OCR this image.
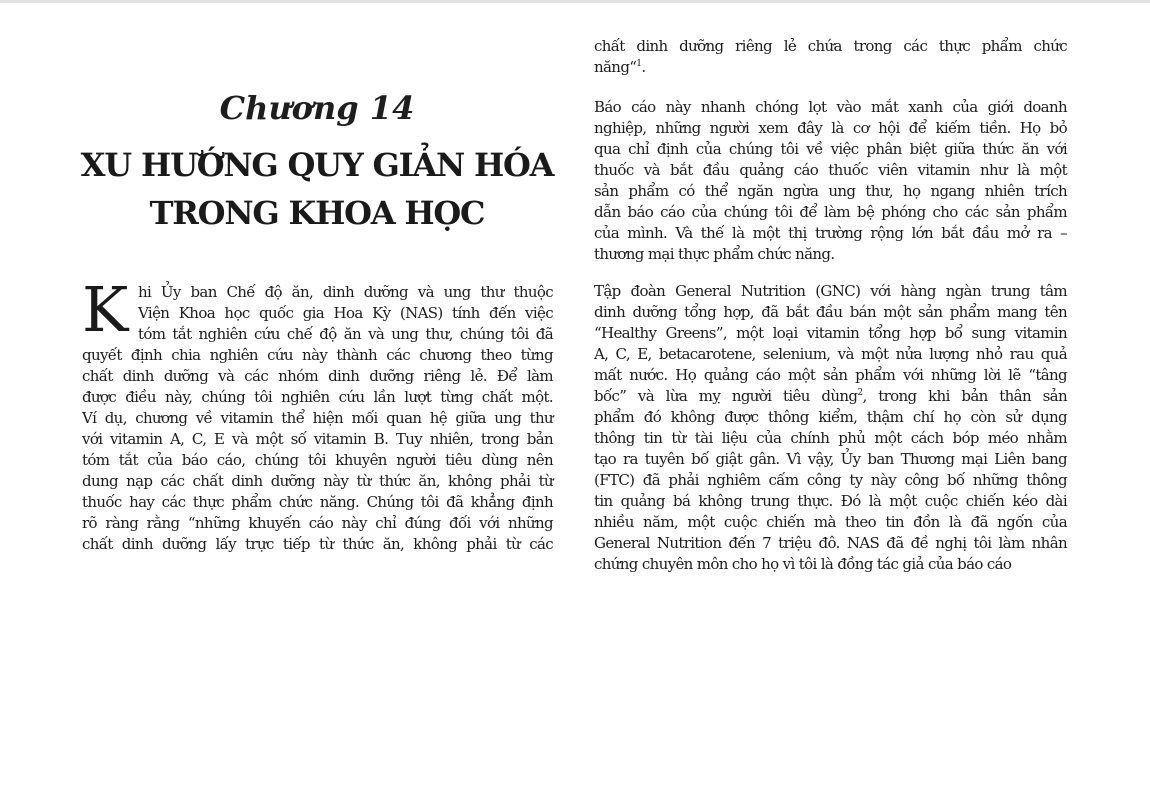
Chương 14
XU HƯỚNG QUY GIẢN HÓA
TRONG KHOA HỌC
K hi Ủy ban Chế độ ăn, dinh dưỡng và ung thư thuộc
Viện Khoa học quốc gia Hoa Kỳ (NAS) tính đến việc
tóm tắt nghiên cứu chế độ ăn và ung thư, chúng tôi đã
quyết định chia nghiên cứu này thành các chương theo từng
chất dinh dưỡng và các nhóm dinh dưỡng riêng lẻ. Để làm
được điều này, chúng tôi nghiên cứu lần lượt từng chất một.
Ví dụ, chương về vitamin thể hiện mối quan hệ giữa ung thư
với vitamin A, C, E và một số vitamin B. Tuy nhiên, trong bản
tóm tắt của báo cáo, chúng tôi khuyên người tiêu dùng nên
dung nạp các chất dinh dưỡng này từ thức ăn, không phải từ
thuốc hay các thực phẩm chức năng. Chúng tôi đã khẳng định
rõ ràng rằng “những khuyến cáo này chỉ đúng đối với những
chất dinh dưỡng lấy trực tiếp từ thức ăn, không phải từ các
chất dinh dưỡng riêng lẻ chứa trong các thực phẩm chức
năng“$^1$.
Báo cáo này nhanh chóng lọt vào mắt xanh của giới doanh
nghiệp, những người xem đây là cơ hội để kiếm tiền. Họ bỏ
qua chỉ định của chúng tôi về việc phân biệt giữa thức ăn với
thuốc và bắt đầu quảng cáo thuốc viên vitamin như là một
sản phẩm có thể ngăn ngừa ung thư, họ ngang nhiên trích
dẫn báo cáo của chúng tôi để làm bệ phóng cho các sản phẩm
của mình. Và thế là một thị trường rộng lớn bắt đầu mở ra –
thương mại thực phẩm chức năng.
Tập đoàn General Nutrition (GNC) với hàng ngàn trung tâm
dinh dưỡng tổng hợp, đã bắt đầu bán một sản phẩm mang tên
“Healthy Greens”, một loại vitamin tổng hợp bổ sung vitamin
A, C, E, betacarotene, selenium, và một nửa lượng nhỏ rau quả
mất nước. Họ quảng cáo một sản phẩm với những lời lẽ “tâng
bốc” và lừa mỵ người tiêu dùng$^2$, trong khi bản thân sản
phẩm đó không được thông kiểm, thậm chí họ còn sử dụng
thông tin từ tài liệu của chính phủ một cách bóp méo nhằm
tạo ra tuyên bố giật gân. Vì vậy, Ủy ban Thương mại Liên bang
(FTC) đã phải nghiêm cấm công ty này công bố những thông
tin quảng bá không trung thực. Đó là một cuộc chiến kéo dài
nhiều năm, một cuộc chiến mà theo tin đồn là đã ngốn của
General Nutrition đến 7 triệu đô. NAS đã đề nghị tôi làm nhân
chứng chuyên môn cho họ vì tôi là đồng tác giả của báo cáo
